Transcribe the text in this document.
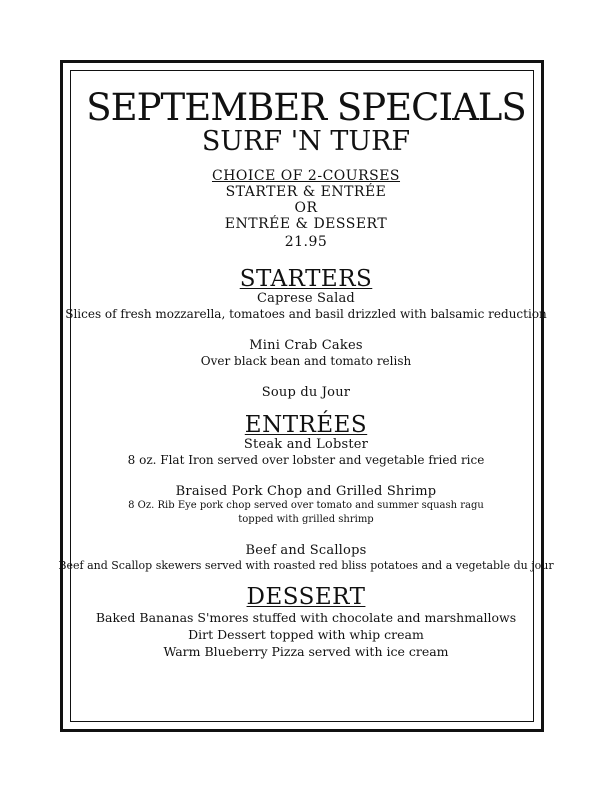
SEPTEMBER SPECIALS
SURF 'N TURF
CHOICE OF 2-COURSES
STARTER & ENTRÉE
OR
ENTRÉE & DESSERT
21.95
STARTERS
Caprese Salad
Slices of fresh mozzarella, tomatoes and basil drizzled with balsamic reduction
Mini Crab Cakes
Over black bean and tomato relish
Soup du Jour
ENTRÉES
Steak and Lobster
8 oz. Flat Iron served over lobster and vegetable fried rice
Braised Pork Chop and Grilled Shrimp
8 Oz. Rib Eye pork chop served over tomato and summer squash ragu
topped with grilled shrimp
Beef and Scallops
Beef and Scallop skewers served with roasted red bliss potatoes and a vegetable du jour
DESSERT
Baked Bananas S'mores stuffed with chocolate and marshmallows
Dirt Dessert topped with whip cream
Warm Blueberry Pizza served with ice cream
